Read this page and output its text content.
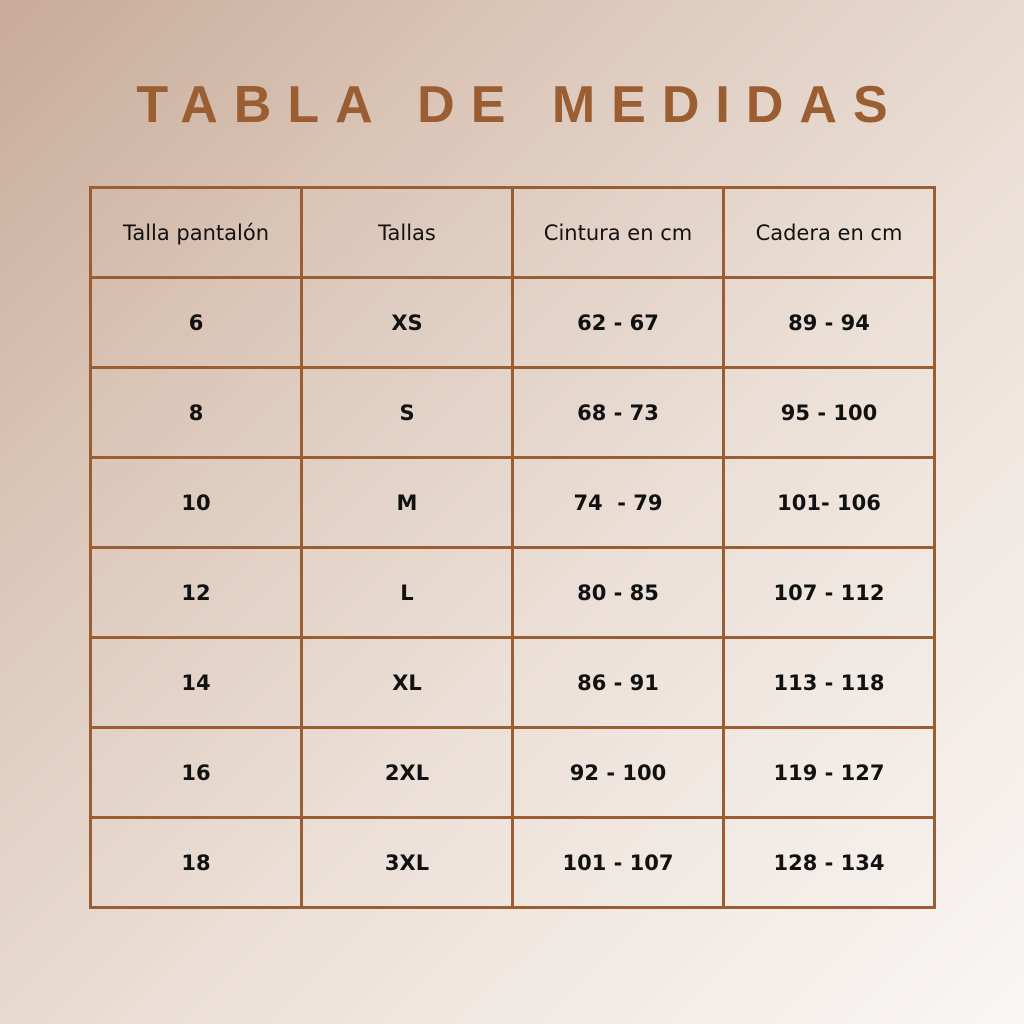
TABLA DE MEDIDAS
Talla pantalón	Tallas	Cintura en cm	Cadera en cm
6	XS	62 - 67	89 - 94
8	S	68 - 73	95 - 100
10	M	74  - 79	101- 106
12	L	80 - 85	107 - 112
14	XL	86 - 91	113 - 118
16	2XL	92 - 100	119 - 127
18	3XL	101 - 107	128 - 134
